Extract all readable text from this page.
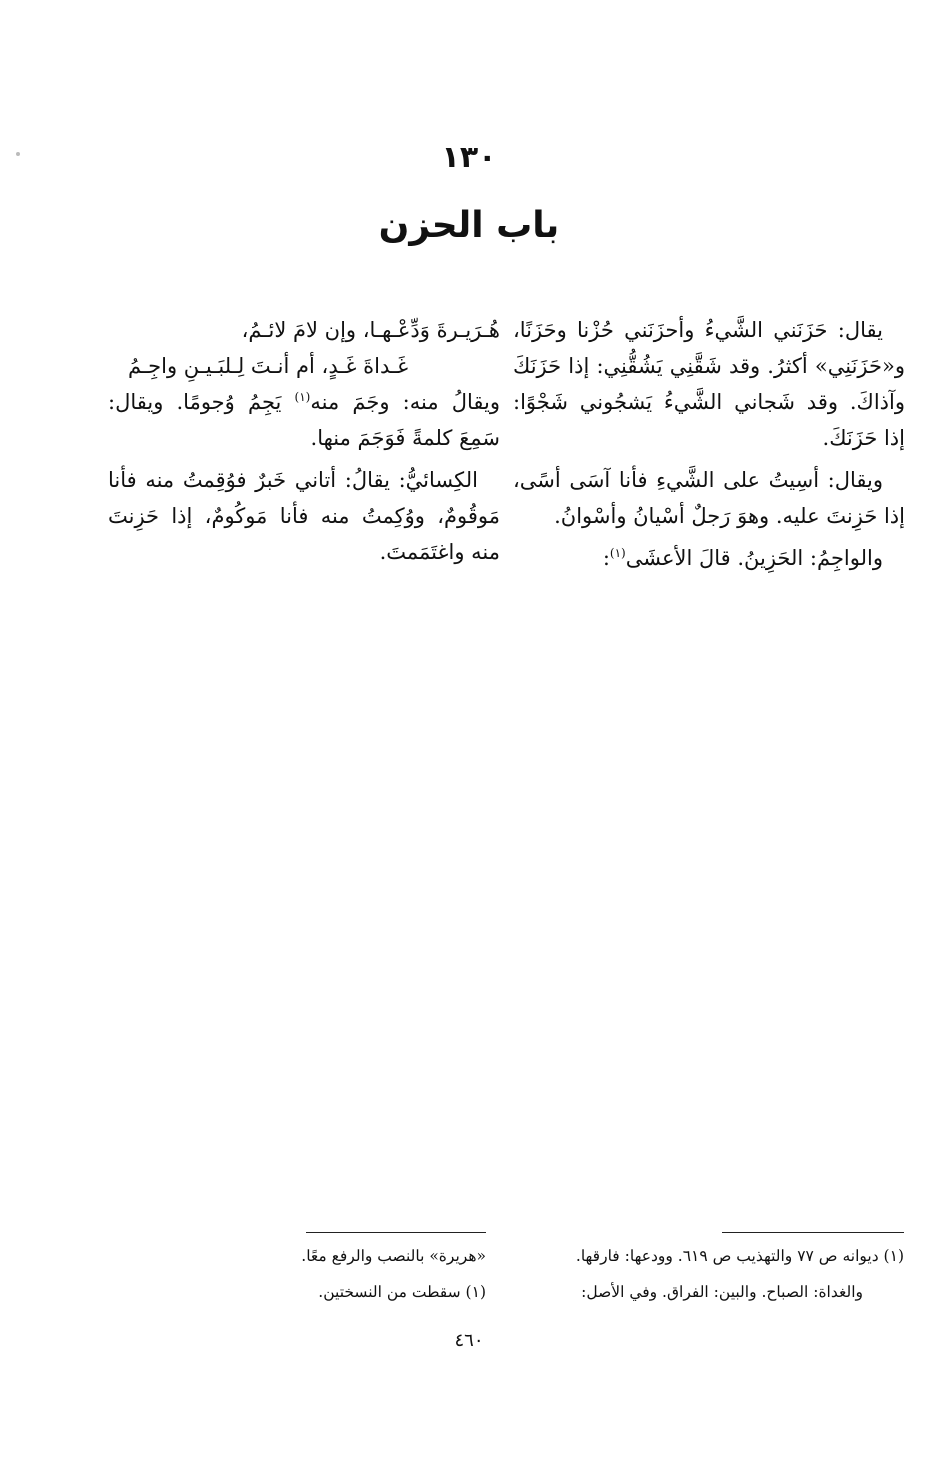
١٣٠
باب الحزن

يقال: حَزَنَني الشَّيءُ وأحزَنَني حُزْنا وحَزَنًا، و«حَزَنَنِي» أكثرُ. وقد شَقَّنِي يَشُقُّنِي: إذا حَزَنَكَ وآذاكَ. وقد شَجاني الشَّيءُ يَشجُوني شَجْوًا: إذا حَزَنَكَ.

ويقال: أسِيتُ على الشَّيءِ فأنا آسَى أسًى، إذا حَزِنتَ عليه. وهوَ رَجلٌ أسْيانُ وأسْوانُ.

والواجِمُ: الحَزِينُ. قالَ الأعشَى$^{(١)}$:

هُـرَيـرةَ وَدِّعْـهـا، وإن لامَ لائـمُ،
غَـداةَ غَـدٍ، أم أنـتَ لِـلبَـيـنِ واجِـمُ

ويقالُ منه: وجَمَ منه$^{(١)}$ يَجِمُ وُجومًا. ويقال: سَمِعَ كلمةً فَوَجَمَ منها.

الكِسائيُّ: يقالُ: أتاني خَبرٌ فوُقِمتُ منه فأنا مَوقُومٌ، ووُكِمتُ منه فأنا مَوكُومٌ، إذا حَزِنتَ منه واغتَمَمتَ.

(١) ديوانه ص ٧٧ والتهذيب ص ٦١٩. وودعها: فارقها.
والغداة: الصباح. والبين: الفراق. وفي الأصل:
«هريرة» بالنصب والرفع معًا.
(١) سقطت من النسختين.
٤٦٠
